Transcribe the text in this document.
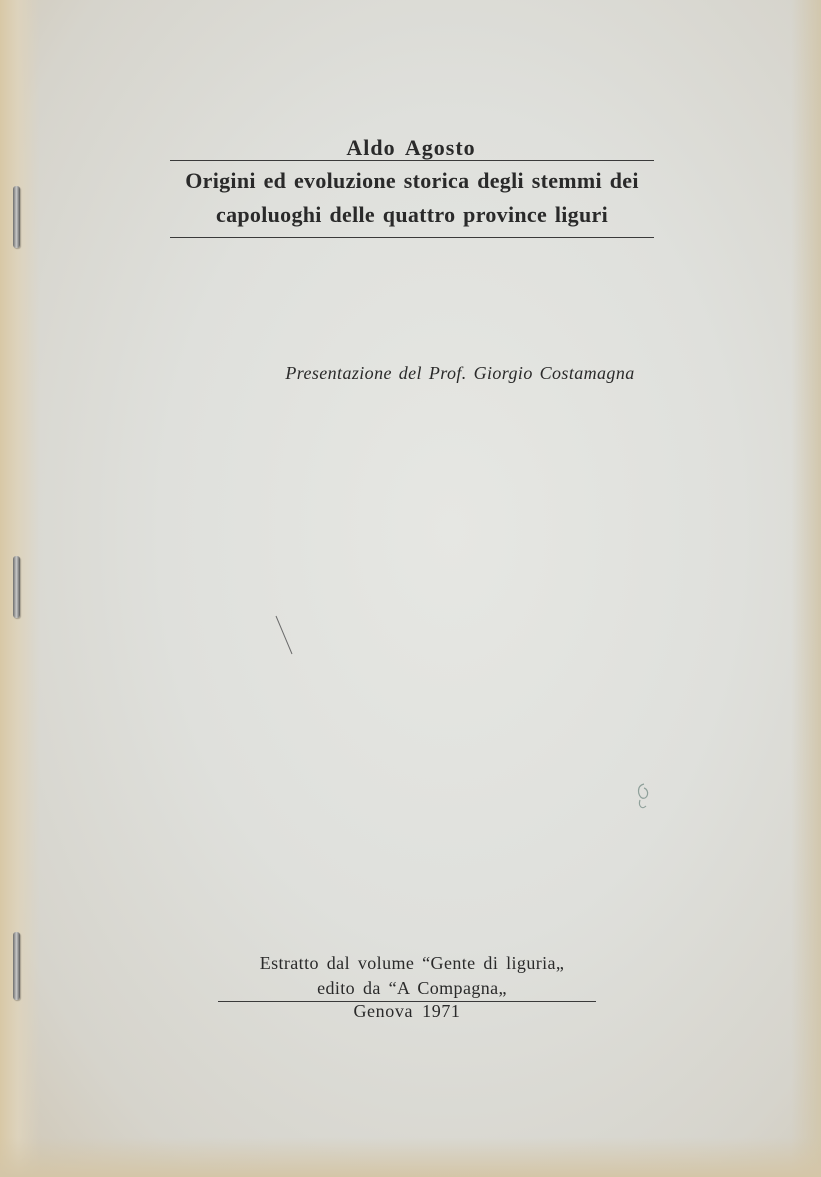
Aldo Agosto
Origini ed evoluzione storica degli stemmi dei
capoluoghi delle quattro province liguri
Presentazione del Prof. Giorgio Costamagna
Estratto dal volume “Gente di liguria„
edito da “A Compagna„
Genova 1971
